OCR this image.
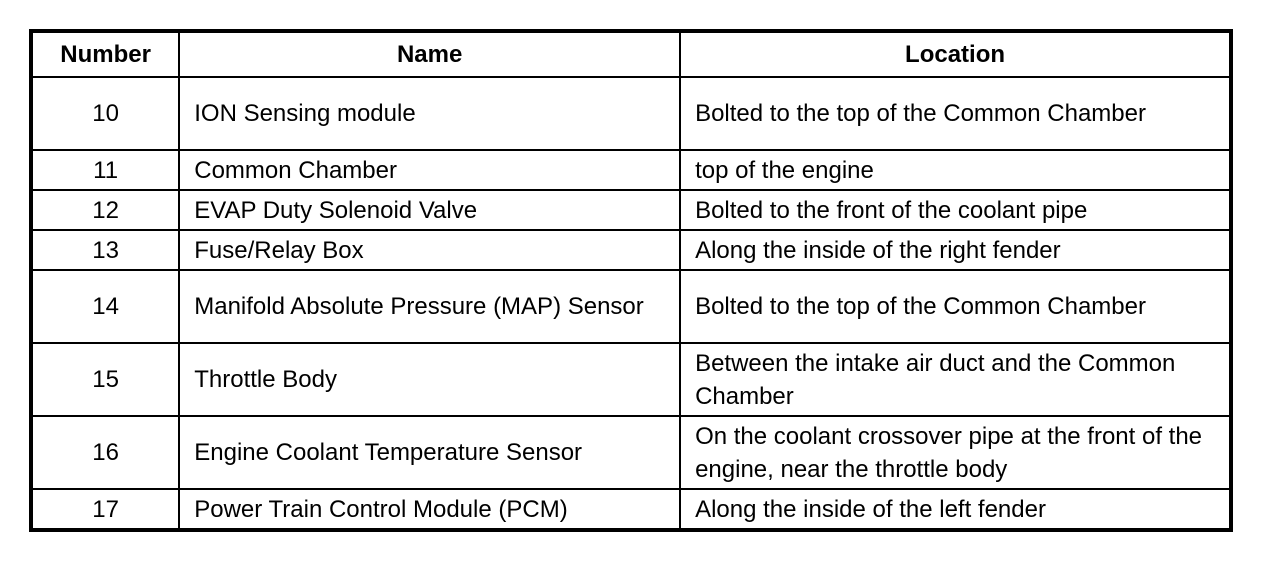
Number	Name	Location
10	ION Sensing module	Bolted to the top of the Common Chamber
11	Common Chamber	top of the engine
12	EVAP Duty Solenoid Valve	Bolted to the front of the coolant pipe
13	Fuse/Relay Box	Along the inside of the right fender
14	Manifold Absolute Pressure (MAP) Sensor	Bolted to the top of the Common Chamber
15	Throttle Body	Between the intake air duct and the Common Chamber
16	Engine Coolant Temperature Sensor	On the coolant crossover pipe at the front of the engine, near the throttle body
17	Power Train Control Module (PCM)	Along the inside of the left fender
